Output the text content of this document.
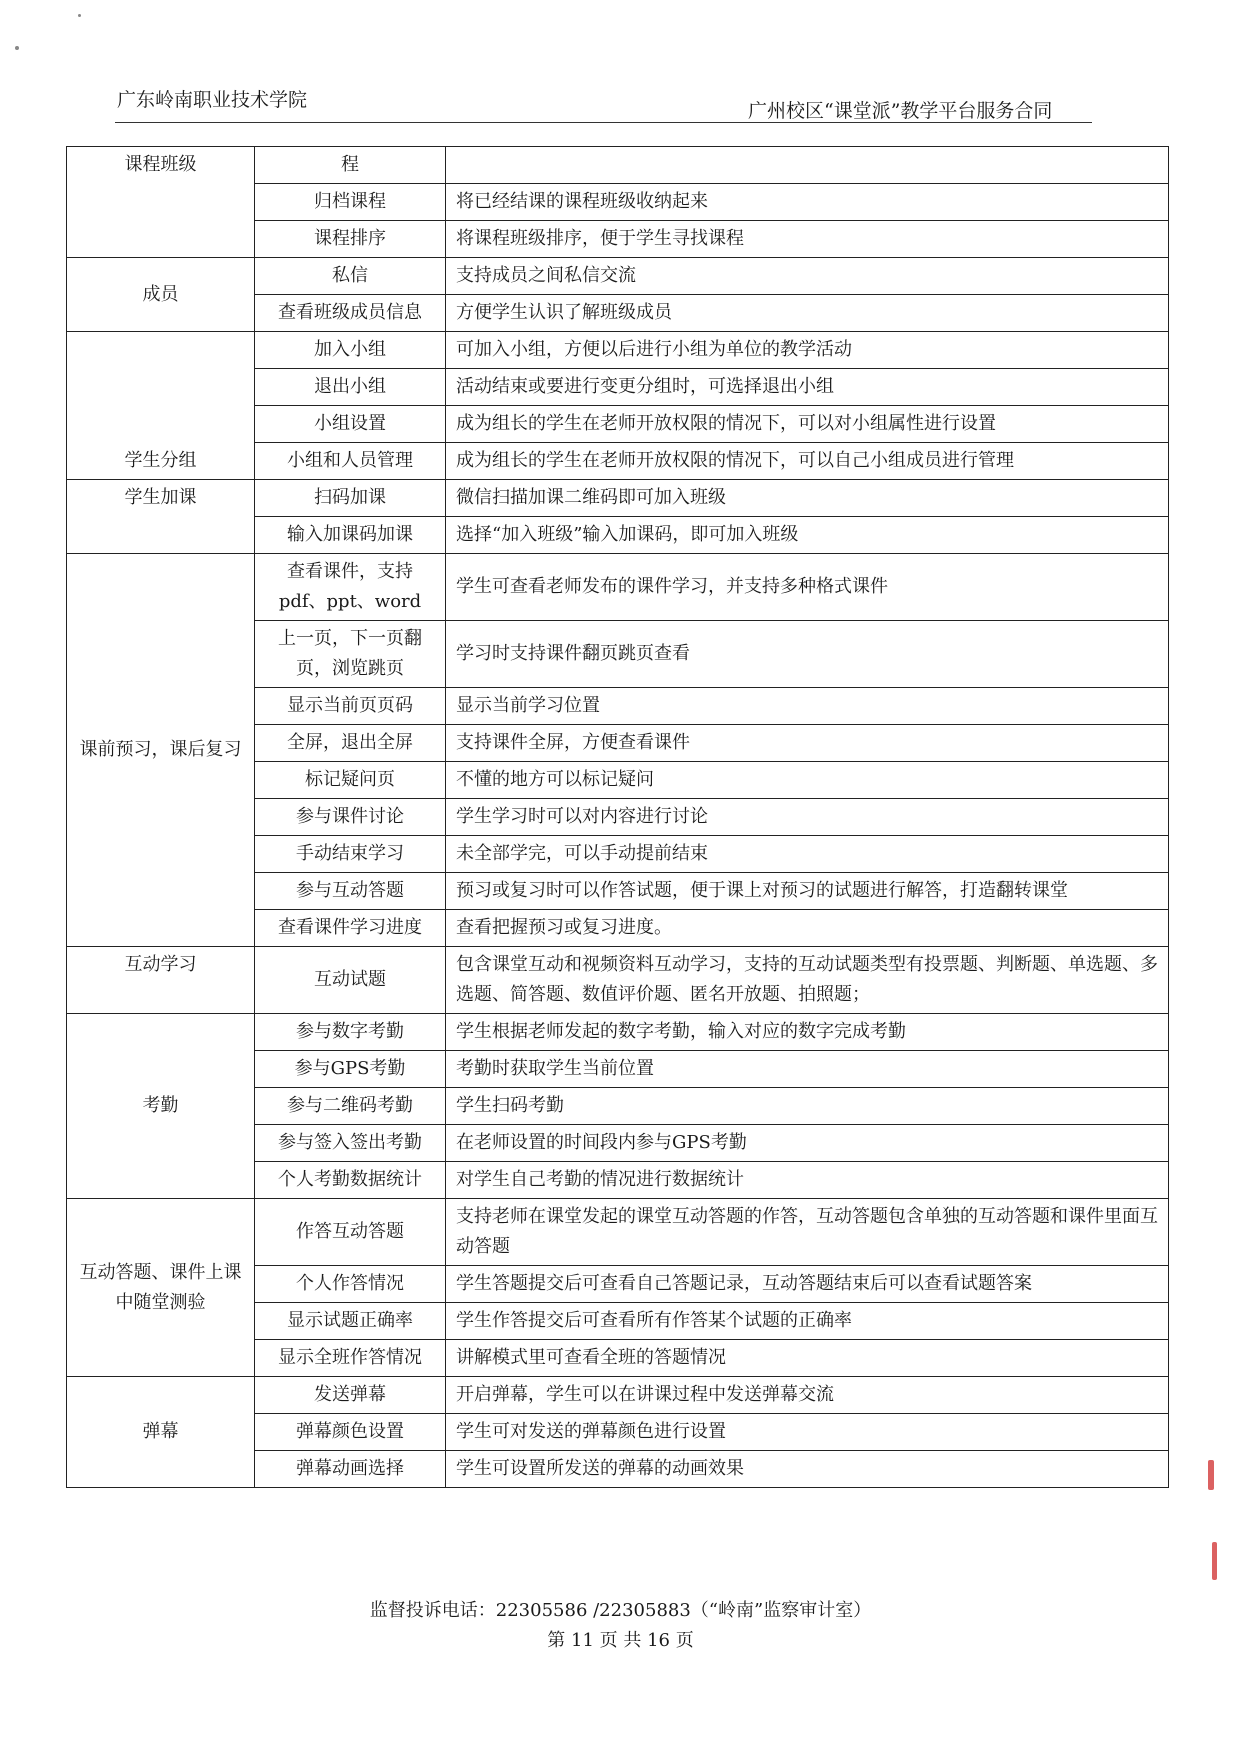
广东岭南职业技术学院	广州校区“课堂派”教学平台服务合同
课程班级	程	
	归档课程	将已经结课的课程班级收纳起来
	课程排序	将课程班级排序，便于学生寻找课程
成员	私信	支持成员之间私信交流
	查看班级成员信息	方便学生认识了解班级成员
学生分组	加入小组	可加入小组，方便以后进行小组为单位的教学活动
	退出小组	活动结束或要进行变更分组时，可选择退出小组
	小组设置	成为组长的学生在老师开放权限的情况下，可以对小组属性进行设置
	小组和人员管理	成为组长的学生在老师开放权限的情况下，可以自己小组成员进行管理
学生加课	扫码加课	微信扫描加课二维码即可加入班级
	输入加课码加课	选择“加入班级”输入加课码，即可加入班级
课前预习，课后复习	查看课件，支持pdf、ppt、word	学生可查看老师发布的课件学习，并支持多种格式课件
	上一页，下一页翻页，浏览跳页	学习时支持课件翻页跳页查看
	显示当前页页码	显示当前学习位置
	全屏，退出全屏	支持课件全屏，方便查看课件
	标记疑问页	不懂的地方可以标记疑问
	参与课件讨论	学生学习时可以对内容进行讨论
	手动结束学习	未全部学完，可以手动提前结束
	参与互动答题	预习或复习时可以作答试题，便于课上对预习的试题进行解答，打造翻转课堂
	查看课件学习进度	查看把握预习或复习进度。
互动学习	互动试题	包含课堂互动和视频资料互动学习，支持的互动试题类型有投票题、判断题、单选题、多选题、简答题、数值评价题、匿名开放题、拍照题；
考勤	参与数字考勤	学生根据老师发起的数字考勤，输入对应的数字完成考勤
	参与GPS考勤	考勤时获取学生当前位置
	参与二维码考勤	学生扫码考勤
	参与签入签出考勤	在老师设置的时间段内参与GPS考勤
	个人考勤数据统计	对学生自己考勤的情况进行数据统计
互动答题、课件上课中随堂测验	作答互动答题	支持老师在课堂发起的课堂互动答题的作答，互动答题包含单独的互动答题和课件里面互动答题
	个人作答情况	学生答题提交后可查看自己答题记录，互动答题结束后可以查看试题答案
	显示试题正确率	学生作答提交后可查看所有作答某个试题的正确率
	显示全班作答情况	讲解模式里可查看全班的答题情况
弹幕	发送弹幕	开启弹幕，学生可以在讲课过程中发送弹幕交流
	弹幕颜色设置	学生可对发送的弹幕颜色进行设置
	弹幕动画选择	学生可设置所发送的弹幕的动画效果
监督投诉电话：22305586 /22305883（“岭南”监察审计室）
第 11 页 共 16 页
